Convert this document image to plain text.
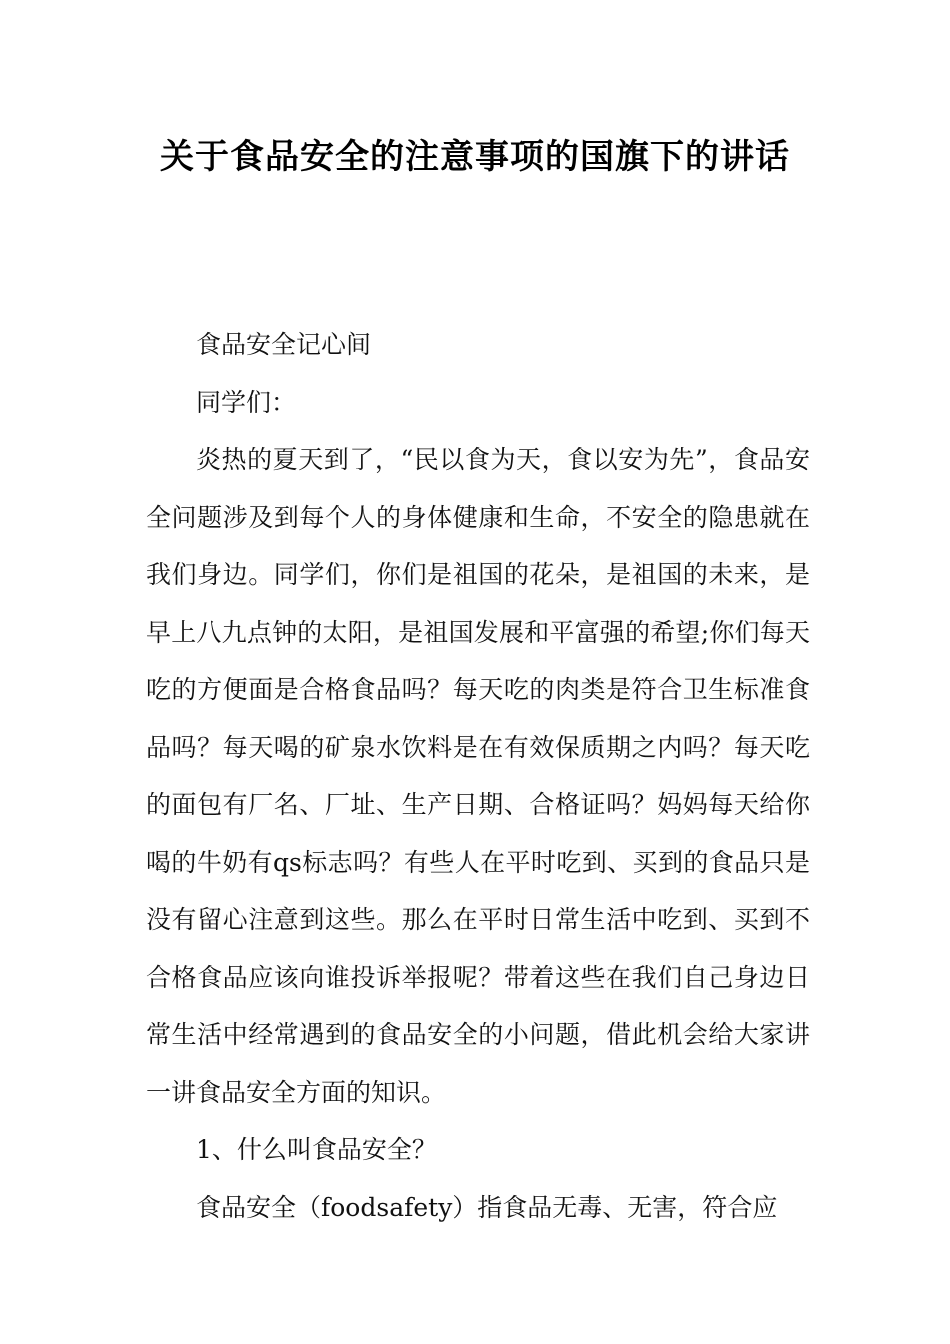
关于食品安全的注意事项的国旗下的讲话

食品安全记心间

同学们：

炎热的夏天到了，“民以食为天，食以安为先”，食品安全问题涉及到每个人的身体健康和生命，不安全的隐患就在我们身边。同学们，你们是祖国的花朵，是祖国的未来，是早上八九点钟的太阳，是祖国发展和平富强的希望;你们每天吃的方便面是合格食品吗？每天吃的肉类是符合卫生标准食品吗？每天喝的矿泉水饮料是在有效保质期之内吗？每天吃的面包有厂名、厂址、生产日期、合格证吗？妈妈每天给你喝的牛奶有qs标志吗？有些人在平时吃到、买到的食品只是没有留心注意到这些。那么在平时日常生活中吃到、买到不合格食品应该向谁投诉举报呢？带着这些在我们自己身边日常生活中经常遇到的食品安全的小问题，借此机会给大家讲一讲食品安全方面的知识。

1、什么叫食品安全？

食品安全（foodsafety）指食品无毒、无害，符合应
